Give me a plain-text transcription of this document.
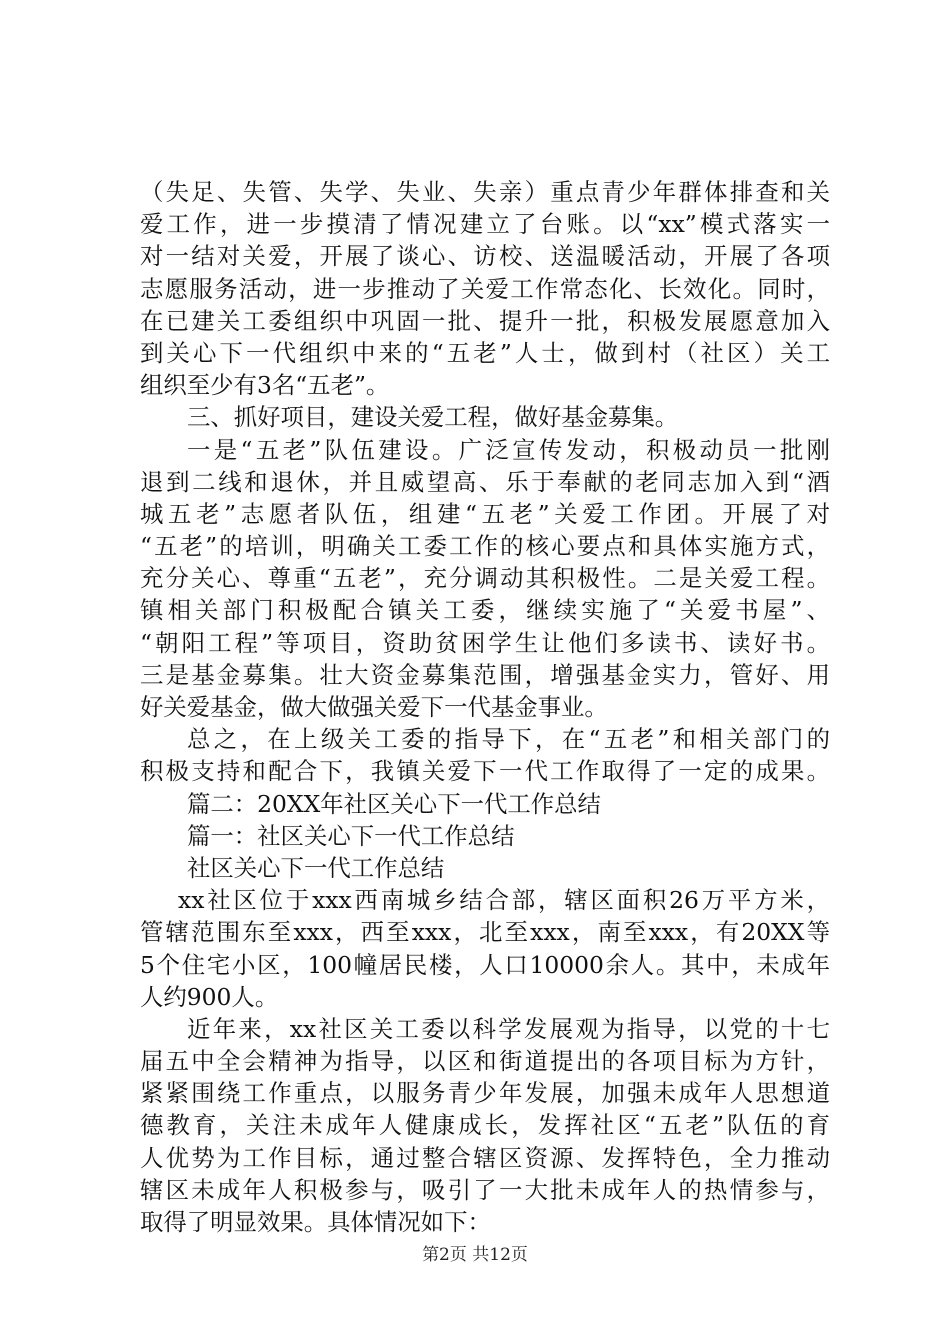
（失足、失管、失学、失业、失亲）重点青少年群体排查和关
爱工作，进一步摸清了情况建立了台账。以“xx”模式落实一
对一结对关爱，开展了谈心、访校、送温暖活动，开展了各项
志愿服务活动，进一步推动了关爱工作常态化、长效化。同时，
在已建关工委组织中巩固一批、提升一批，积极发展愿意加入
到关心下一代组织中来的“五老”人士，做到村（社区）关工
组织至少有3名“五老”。
三、抓好项目，建设关爱工程，做好基金募集。
一是“五老”队伍建设。广泛宣传发动，积极动员一批刚
退到二线和退休，并且威望高、乐于奉献的老同志加入到“酒
城五老”志愿者队伍，组建“五老”关爱工作团。开展了对
“五老”的培训，明确关工委工作的核心要点和具体实施方式，
充分关心、尊重“五老”，充分调动其积极性。二是关爱工程。
镇相关部门积极配合镇关工委，继续实施了“关爱书屋”、
“朝阳工程”等项目，资助贫困学生让他们多读书、读好书。
三是基金募集。壮大资金募集范围，增强基金实力，管好、用
好关爱基金，做大做强关爱下一代基金事业。
总之，在上级关工委的指导下，在“五老”和相关部门的
积极支持和配合下，我镇关爱下一代工作取得了一定的成果。
篇二：20XX年社区关心下一代工作总结
篇一：社区关心下一代工作总结
社区关心下一代工作总结
xx社区位于xxx西南城乡结合部，辖区面积26万平方米，
管辖范围东至xxx，西至xxx，北至xxx，南至xxx，有20XX等
5个住宅小区，100幢居民楼，人口10000余人。其中，未成年
人约900人。
近年来，xx社区关工委以科学发展观为指导，以党的十七
届五中全会精神为指导，以区和街道提出的各项目标为方针，
紧紧围绕工作重点，以服务青少年发展，加强未成年人思想道
德教育，关注未成年人健康成长，发挥社区“五老”队伍的育
人优势为工作目标，通过整合辖区资源、发挥特色，全力推动
辖区未成年人积极参与，吸引了一大批未成年人的热情参与，
取得了明显效果。具体情况如下：
第2页 共12页
